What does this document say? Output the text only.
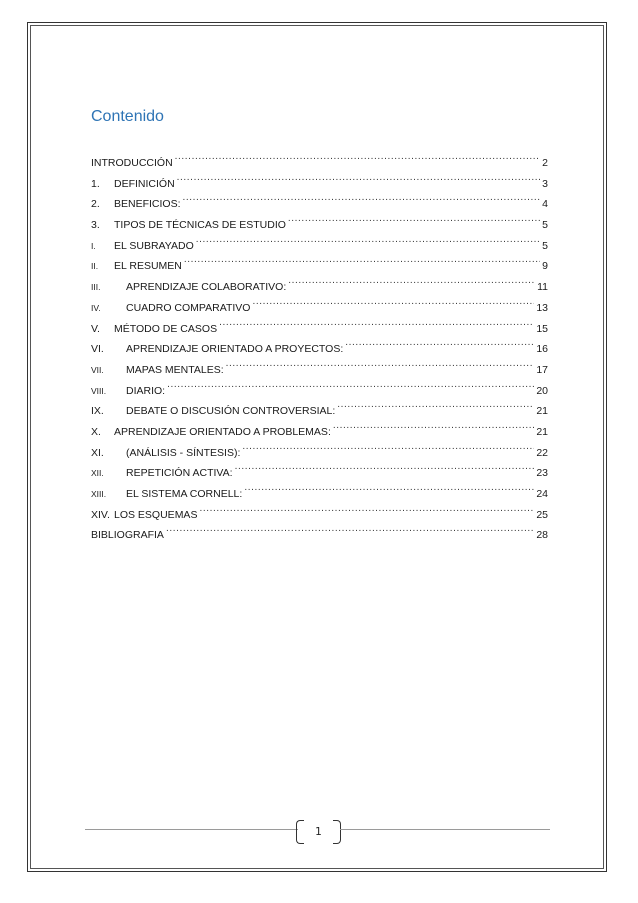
Contenido
INTRODUCCIÓN .....	2
1.	DEFINICIÓN .....	3
2.	BENEFICIOS: .....	4
3.	TIPOS DE TÉCNICAS DE ESTUDIO .....	5
I.	EL SUBRAYADO .....	5
II.	EL RESUMEN .....	9
III.	APRENDIZAJE COLABORATIVO: .....	11
IV.	CUADRO COMPARATIVO .....	13
V.	MÉTODO DE CASOS .....	15
VI.	APRENDIZAJE ORIENTADO A PROYECTOS: .....	16
VII.	MAPAS MENTALES: .....	17
VIII.	DIARIO: .....	20
IX.	DEBATE O DISCUSIÓN CONTROVERSIAL: .....	21
X.	APRENDIZAJE ORIENTADO A PROBLEMAS: .....	21
XI.	(ANÁLISIS - SÍNTESIS): .....	22
XII.	REPETICIÓN ACTIVA: .....	23
XIII.	EL SISTEMA CORNELL: .....	24
XIV. LOS ESQUEMAS .....	25
BIBLIOGRAFIA .....	28
1
